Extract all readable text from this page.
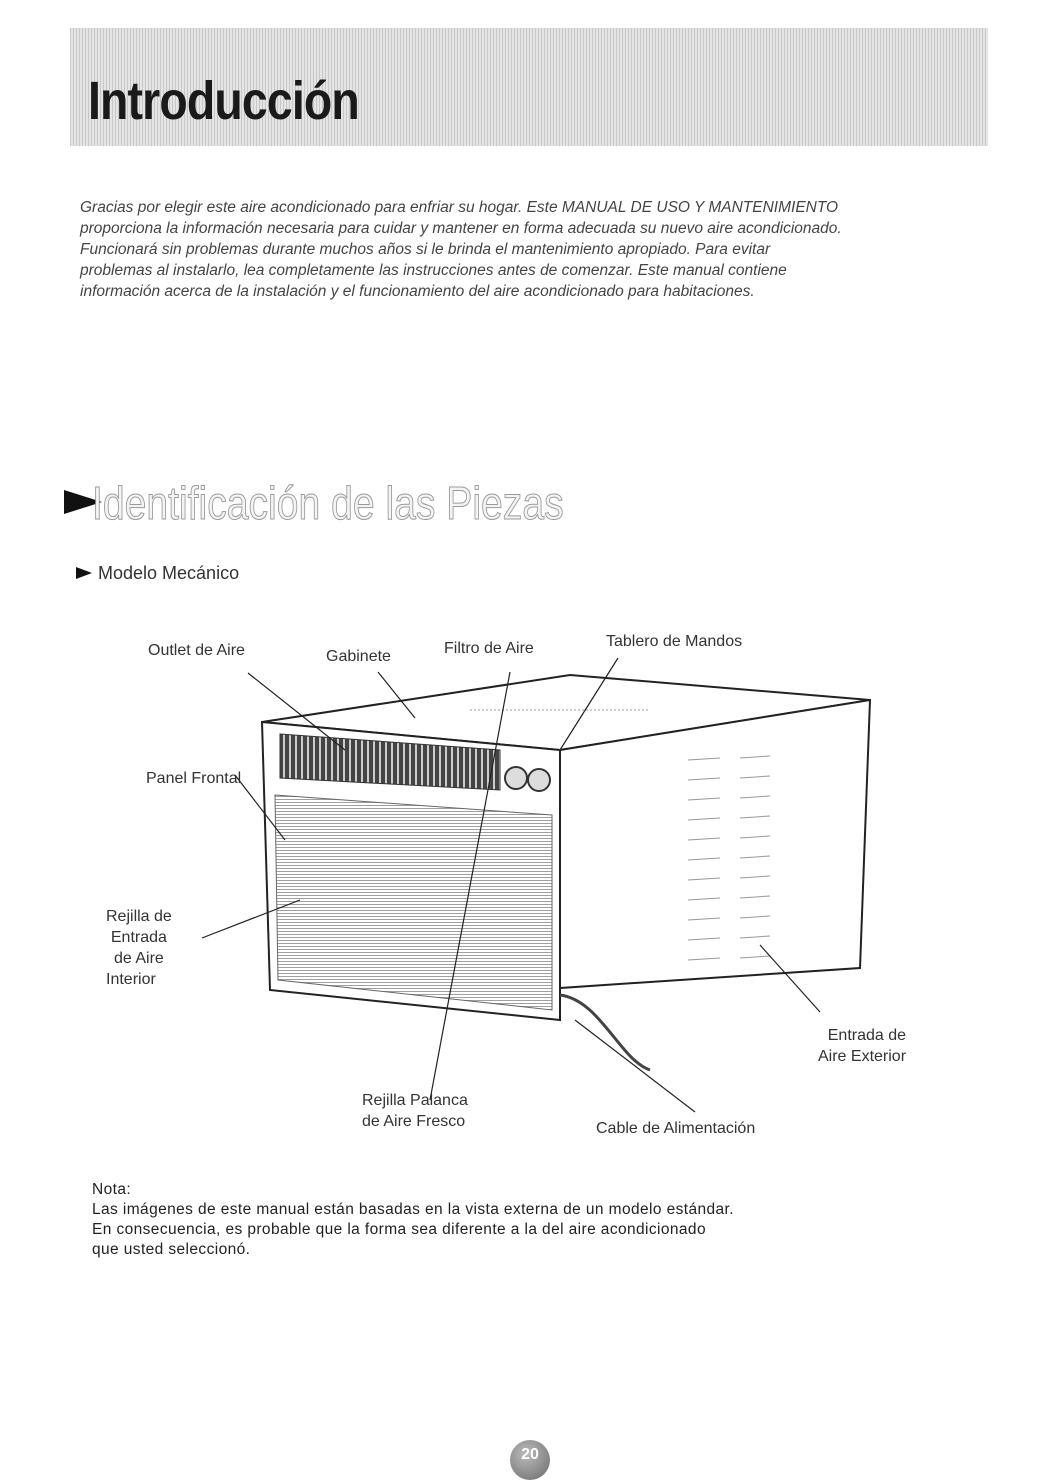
Introducción

Gracias por elegir este aire acondicionado para enfriar su hogar. Este MANUAL DE USO Y MANTENIMIENTO

proporciona la información necesaria para cuidar y mantener en forma adecuada su nuevo aire acondicionado.

Funcionará sin problemas durante muchos años si le brinda el mantenimiento apropiado. Para evitar

problemas al instalarlo, lea completamente las instrucciones antes de comenzar. Este manual contiene

información acerca de la instalación y el funcionamiento del aire acondicionado para habitaciones.

Identificación de las Piezas
Modelo Mecánico
Outlet de Aire	Gabinete	Filtro de Aire	Tablero de Mandos
Panel Frontal
Rejilla de
Entrada
de Aire
Interior
Entrada de
Aire Exterior
Rejilla Palanca
de Aire Fresco	Cable de Alimentación
Nota:
Las imágenes de este manual están basadas en la vista externa de un modelo estándar.
En consecuencia, es probable que la forma sea diferente a la del aire acondicionado
que usted seleccionó.
20
